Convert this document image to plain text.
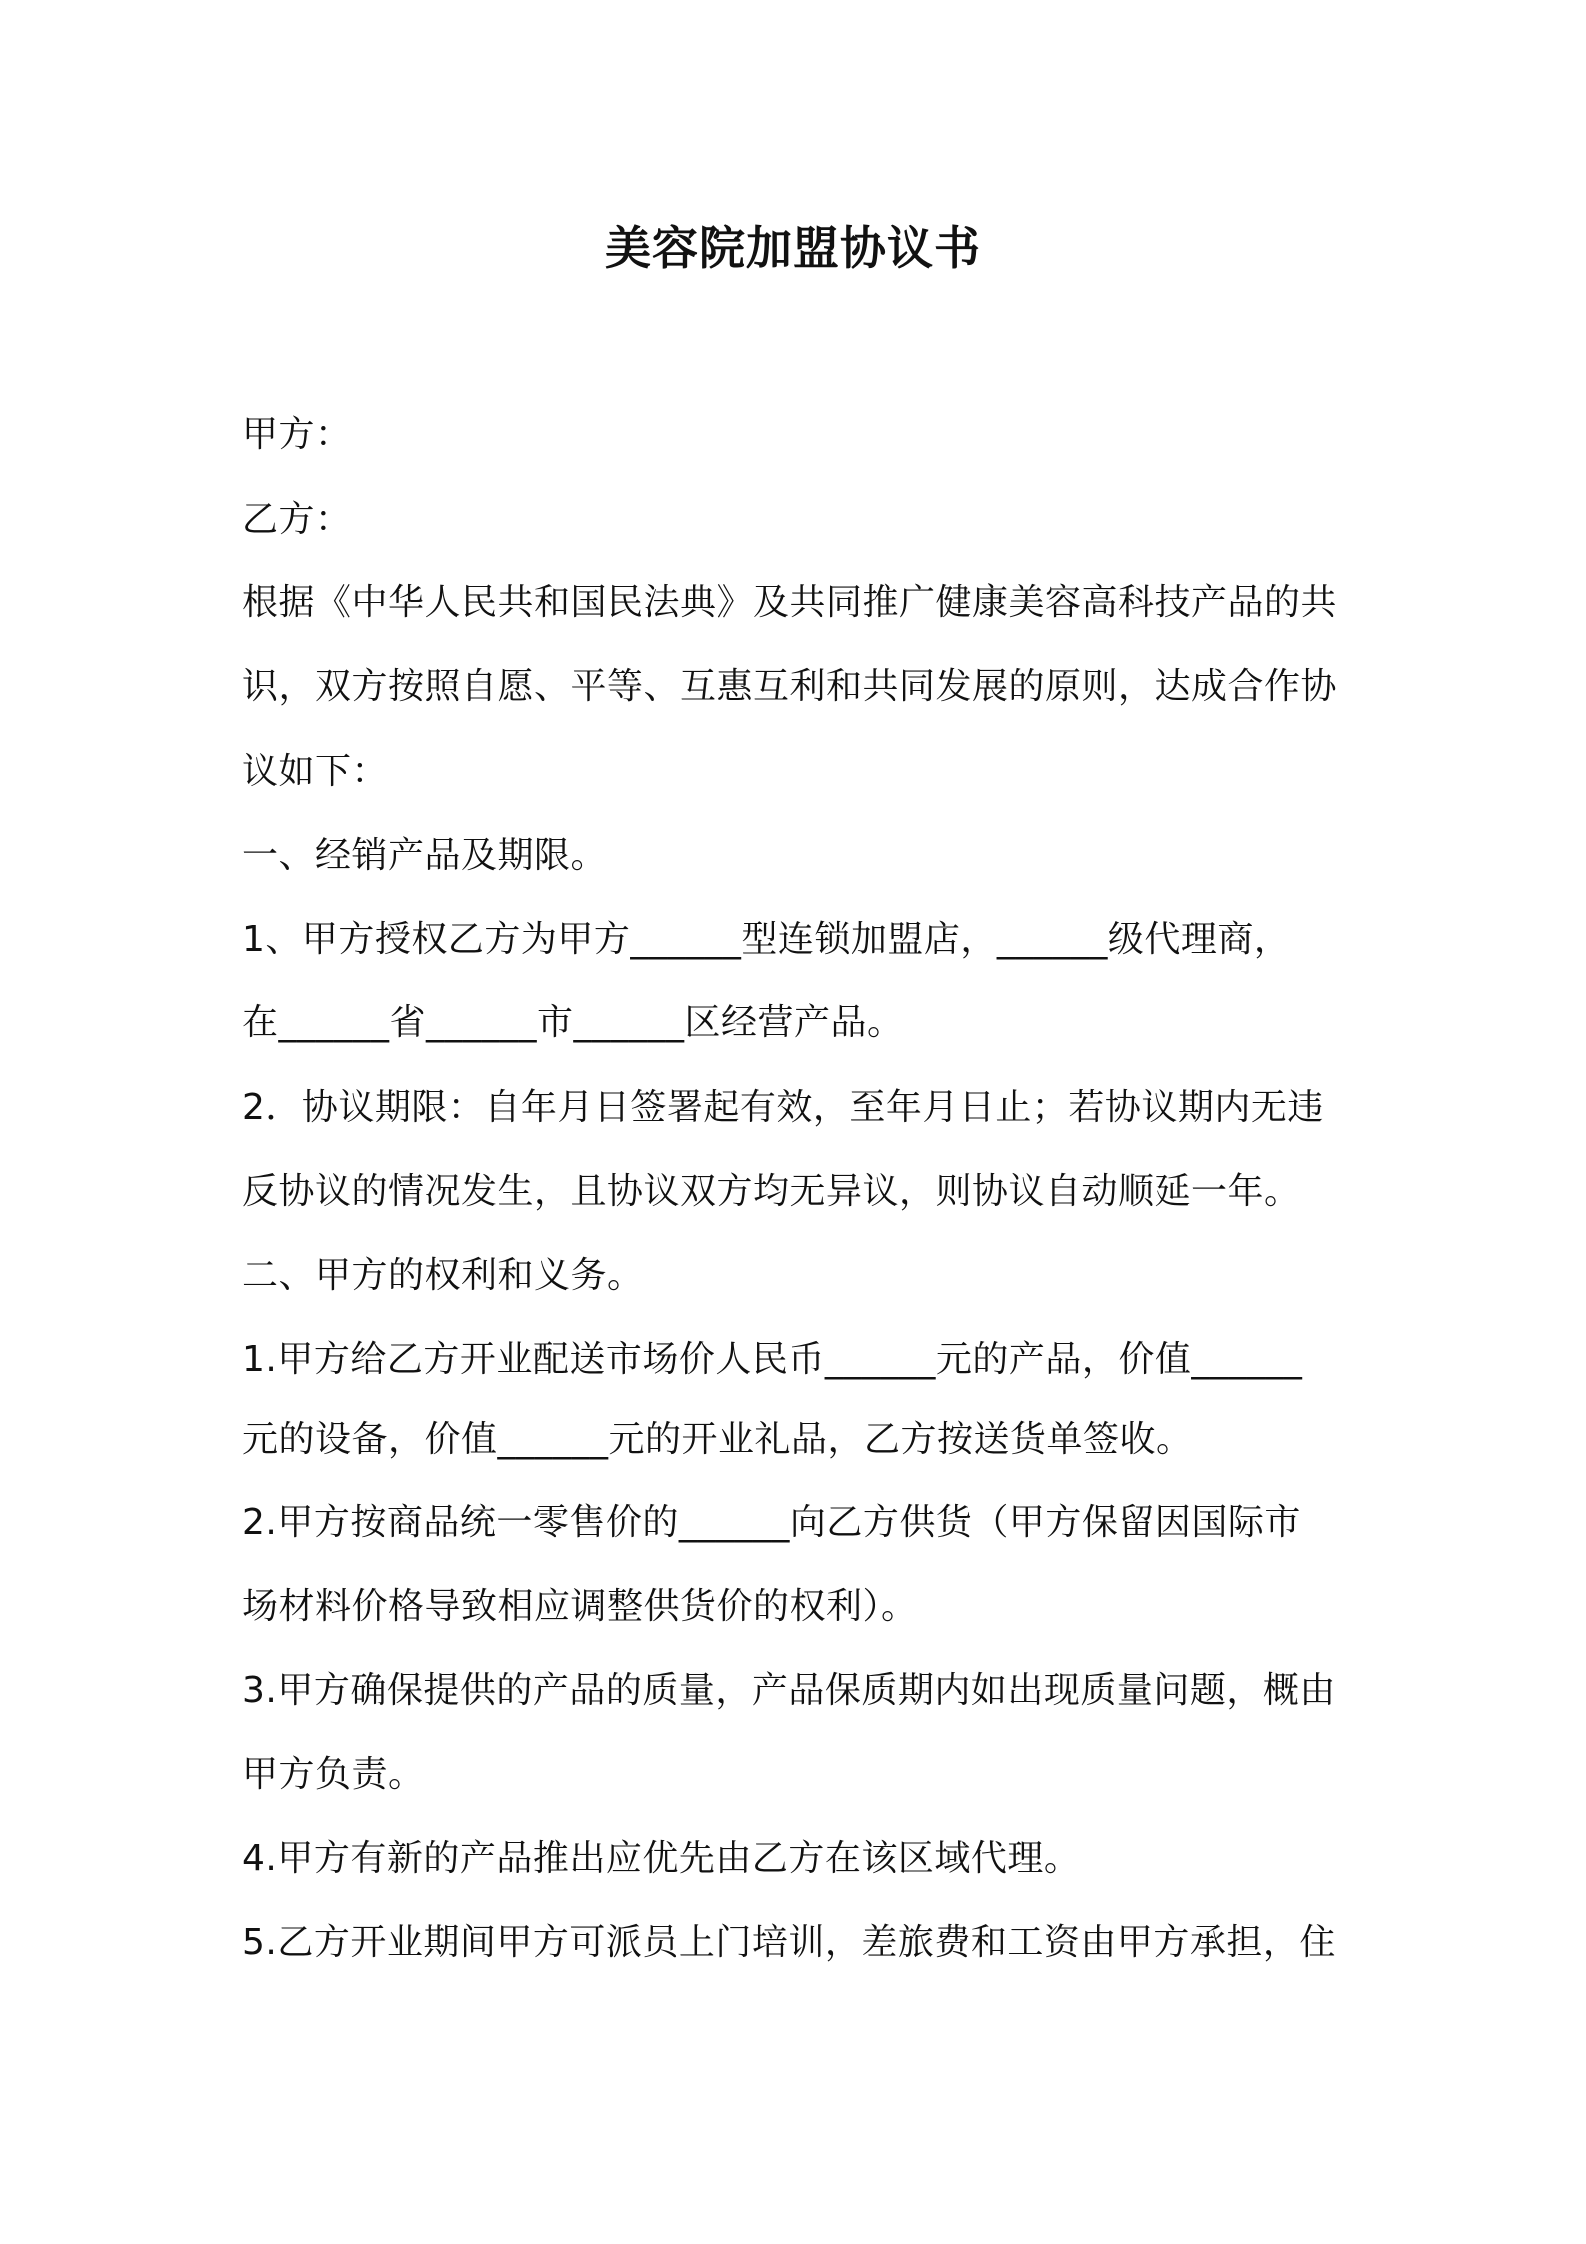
美容院加盟协议书
甲方：
乙方：
根据《中华人民共和国民法典》及共同推广健康美容高科技产品的共
识，双方按照自愿、平等、互惠互利和共同发展的原则，达成合作协
议如下：
一、经销产品及期限。
1、甲方授权乙方为甲方______型连锁加盟店，______级代理商，
在______省______市______区经营产品。
2．协议期限：自年月日签署起有效，至年月日止；若协议期内无违
反协议的情况发生，且协议双方均无异议，则协议自动顺延一年。
二、甲方的权利和义务。
1.甲方给乙方开业配送市场价人民币______元的产品，价值______
元的设备，价值______元的开业礼品，乙方按送货单签收。
2.甲方按商品统一零售价的______向乙方供货（甲方保留因国际市
场材料价格导致相应调整供货价的权利）。
3.甲方确保提供的产品的质量，产品保质期内如出现质量问题，概由
甲方负责。
4.甲方有新的产品推出应优先由乙方在该区域代理。
5.乙方开业期间甲方可派员上门培训，差旅费和工资由甲方承担，住
